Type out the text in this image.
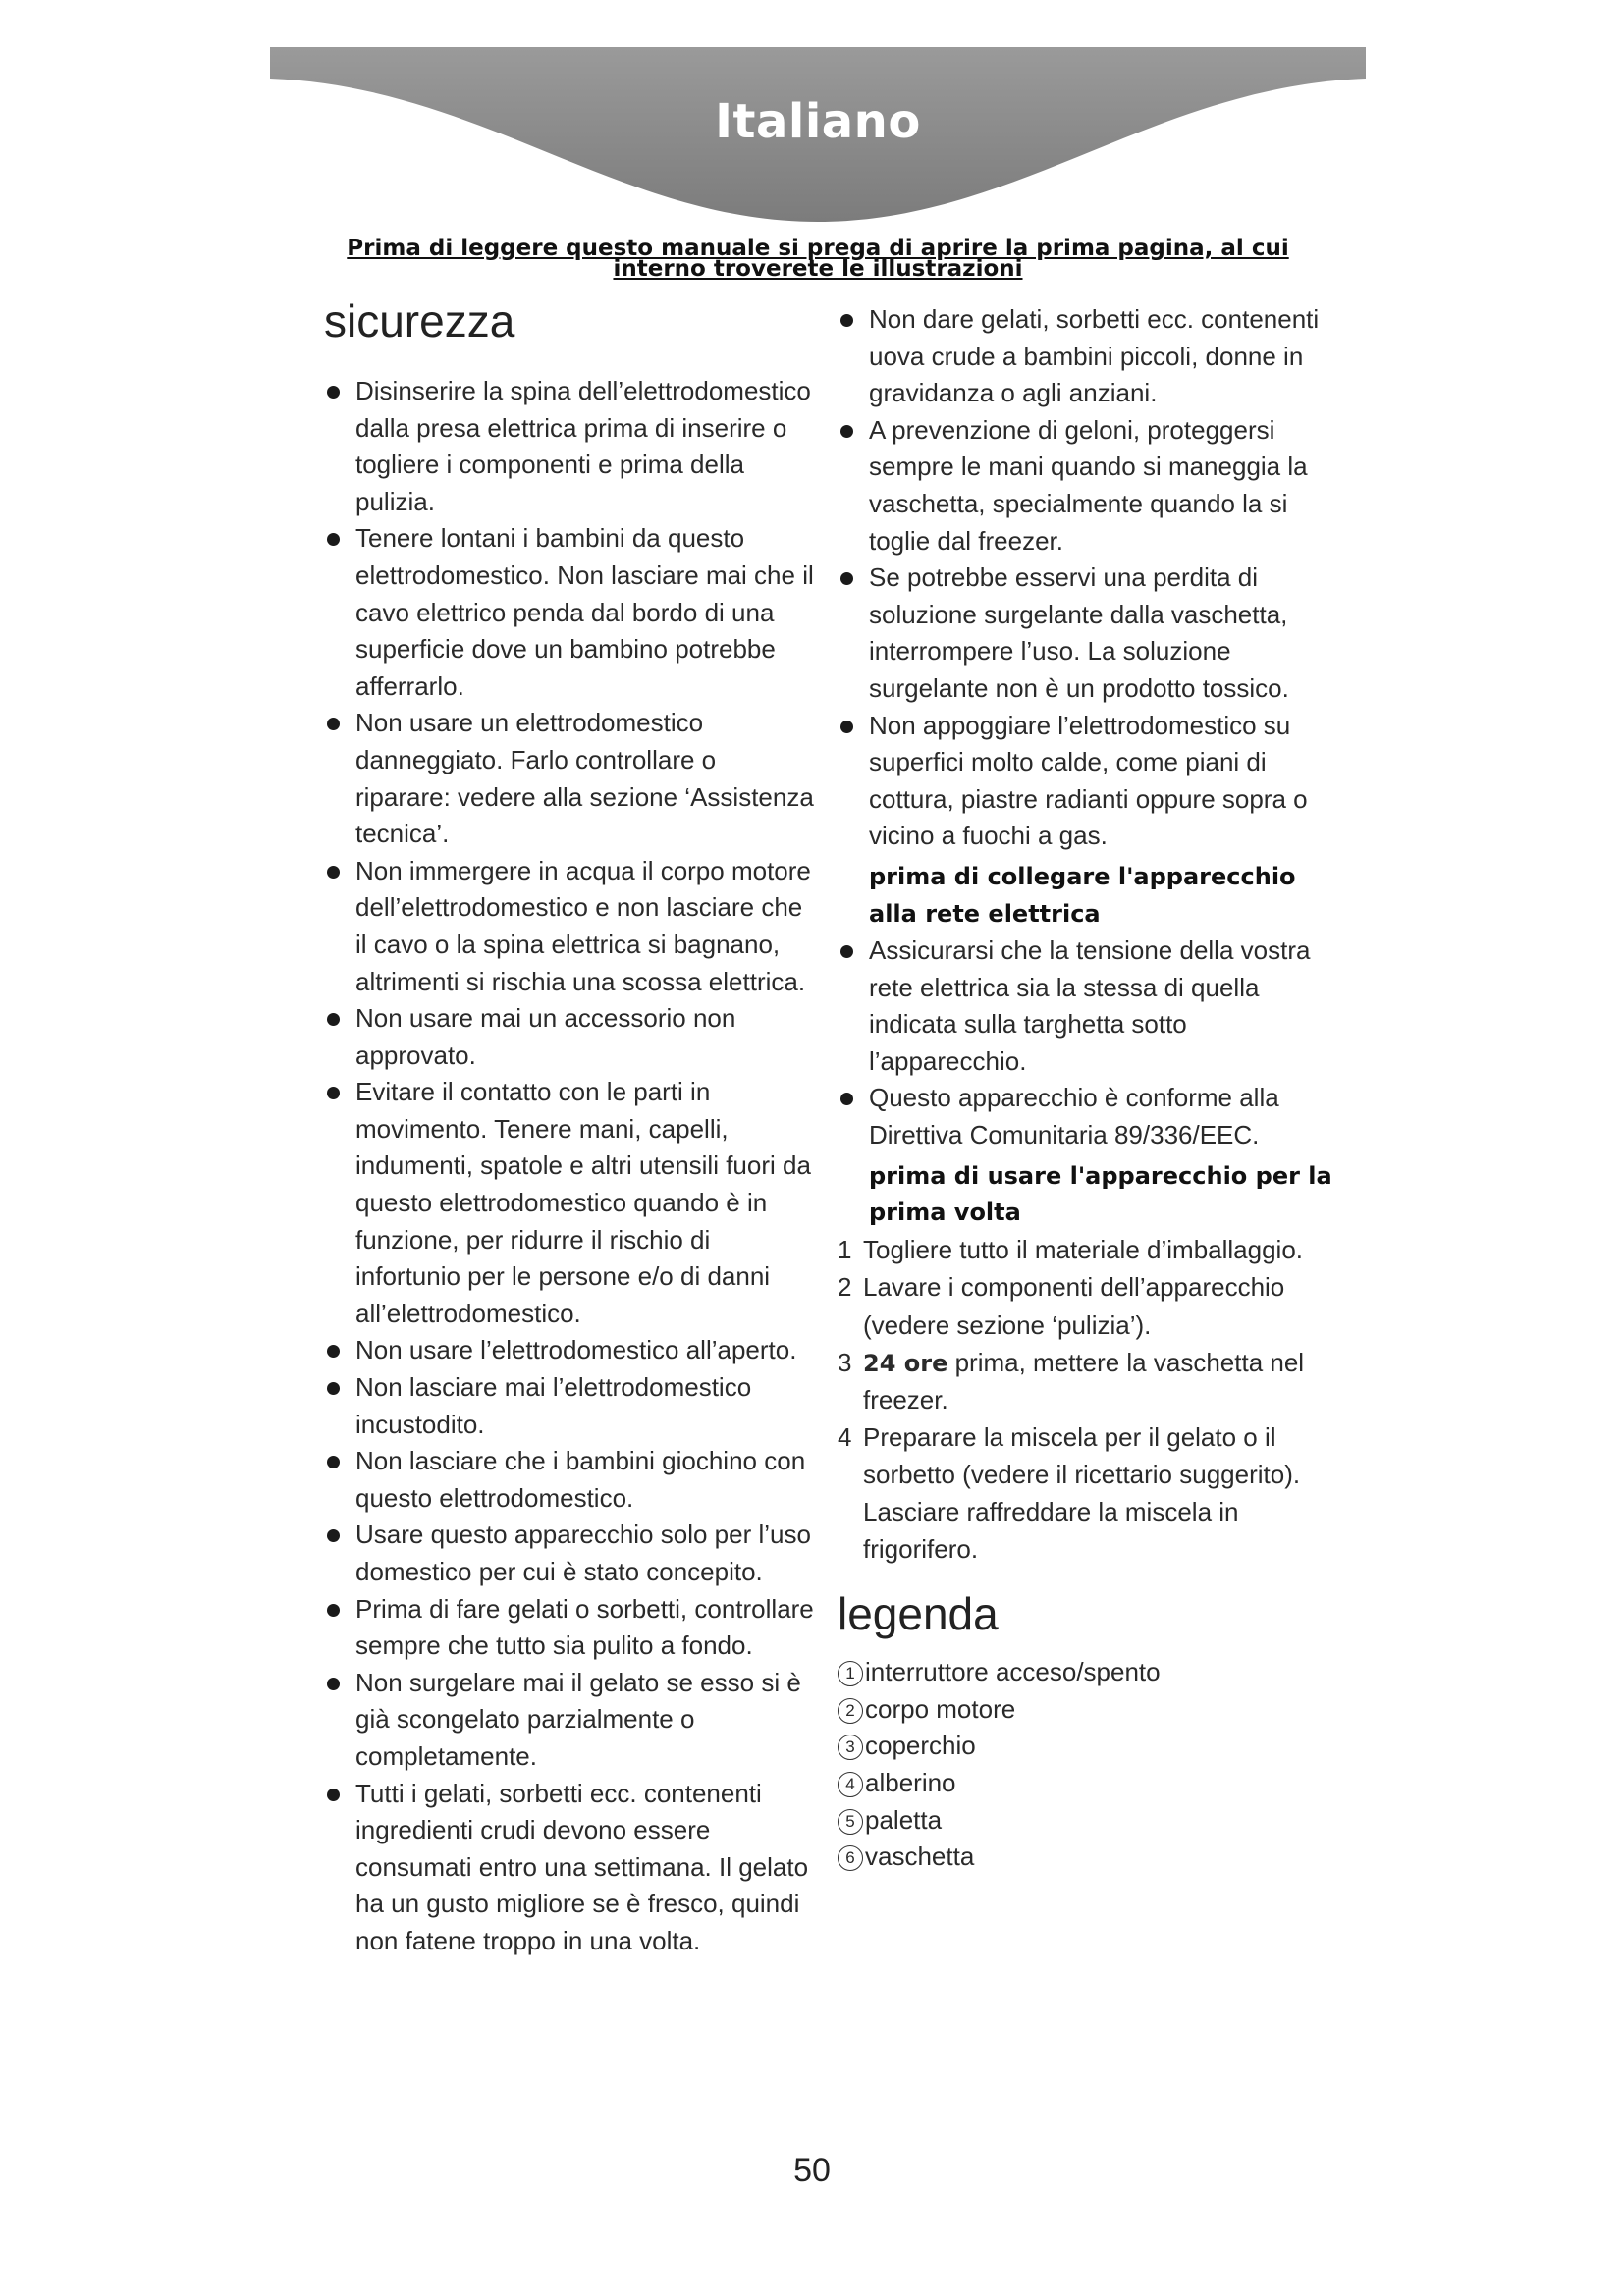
Italiano
Prima di leggere questo manuale si prega di aprire la prima pagina, al cui interno troverete le illustrazioni
sicurezza
Disinserire la spina dell’elettrodomestico dalla presa elettrica prima di inserire o togliere i componenti e prima della pulizia.
Tenere lontani i bambini da questo elettrodomestico. Non lasciare mai che il cavo elettrico penda dal bordo di una superficie dove un bambino potrebbe afferrarlo.
Non usare un elettrodomestico danneggiato. Farlo controllare o riparare: vedere alla sezione ‘Assistenza tecnica’.
Non immergere in acqua il corpo motore dell’elettrodomestico e non lasciare che il cavo o la spina elettrica si bagnano, altrimenti si rischia una scossa elettrica.
Non usare mai un accessorio non approvato.
Evitare il contatto con le parti in movimento. Tenere mani, capelli, indumenti, spatole e altri utensili fuori da questo elettrodomestico quando è in funzione, per ridurre il rischio di infortunio per le persone e/o di danni all’elettrodomestico.
Non usare l’elettrodomestico all’aperto.
Non lasciare mai l’elettrodomestico incustodito.
Non lasciare che i bambini giochino con questo elettrodomestico.
Usare questo apparecchio solo per l’uso domestico per cui è stato concepito.
Prima di fare gelati o sorbetti, controllare sempre che tutto sia pulito a fondo.
Non surgelare mai il gelato se esso si è già scongelato parzialmente o completamente.
Tutti i gelati, sorbetti ecc. contenenti ingredienti crudi devono essere consumati entro una settimana. Il gelato ha un gusto migliore se è fresco, quindi non fatene troppo in una volta.
Non dare gelati, sorbetti ecc. contenenti uova crude a bambini piccoli, donne in gravidanza o agli anziani.
A prevenzione di geloni, proteggersi sempre le mani quando si maneggia la vaschetta, specialmente quando la si toglie dal freezer.
Se potrebbe esservi una perdita di soluzione surgelante dalla vaschetta, interrompere l’uso. La soluzione surgelante non è un prodotto tossico.
Non appoggiare l’elettrodomestico su superfici molto calde, come piani di cottura, piastre radianti oppure sopra o vicino a fuochi a gas.
prima di collegare l'apparecchio alla rete elettrica
Assicurarsi che la tensione della vostra rete elettrica sia la stessa di quella indicata sulla targhetta sotto l’apparecchio.
Questo apparecchio è conforme alla Direttiva Comunitaria 89/336/EEC.
prima di usare l'apparecchio per la prima volta
1 Togliere tutto il materiale d’imballaggio.
2 Lavare i componenti dell’apparecchio (vedere sezione ‘pulizia’).
3 24 ore prima, mettere la vaschetta nel freezer.
4 Preparare la miscela per il gelato o il sorbetto (vedere il ricettario suggerito). Lasciare raffreddare la miscela in frigorifero.
legenda
1 interruttore acceso/spento
2 corpo motore
3 coperchio
4 alberino
5 paletta
6 vaschetta
50
